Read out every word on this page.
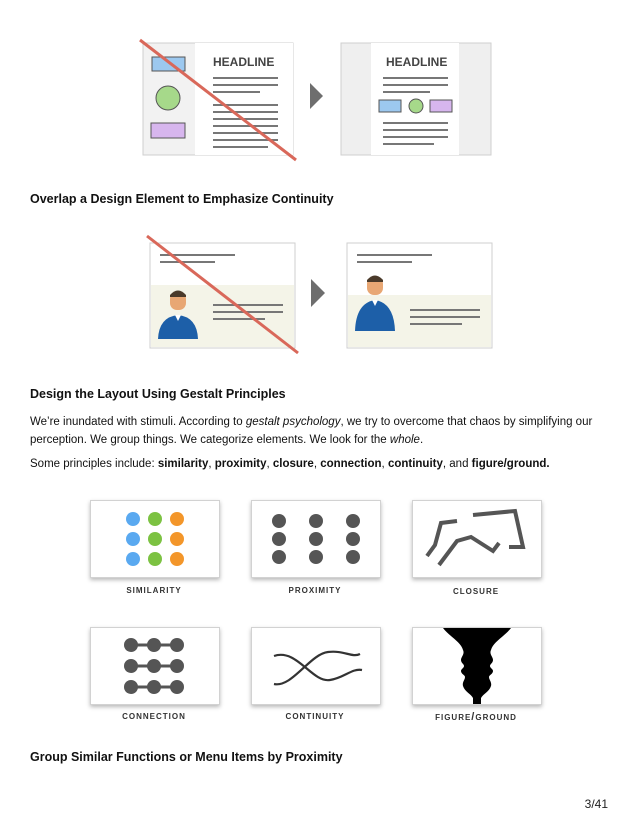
HEADLINE	HEADLINE
Overlap a Design Element to Emphasize Continuity
Design the Layout Using Gestalt Principles
We’re inundated with stimuli. According to gestalt psychology, we try to overcome that chaos by simplifying our perception. We group things. We categorize elements. We look for the whole.
Some principles include: similarity, proximity, closure, connection, continuity, and figure/ground.
similarity	proximity	closure
connection	continuity	figure/ground
Group Similar Functions or Menu Items by Proximity
3/41
